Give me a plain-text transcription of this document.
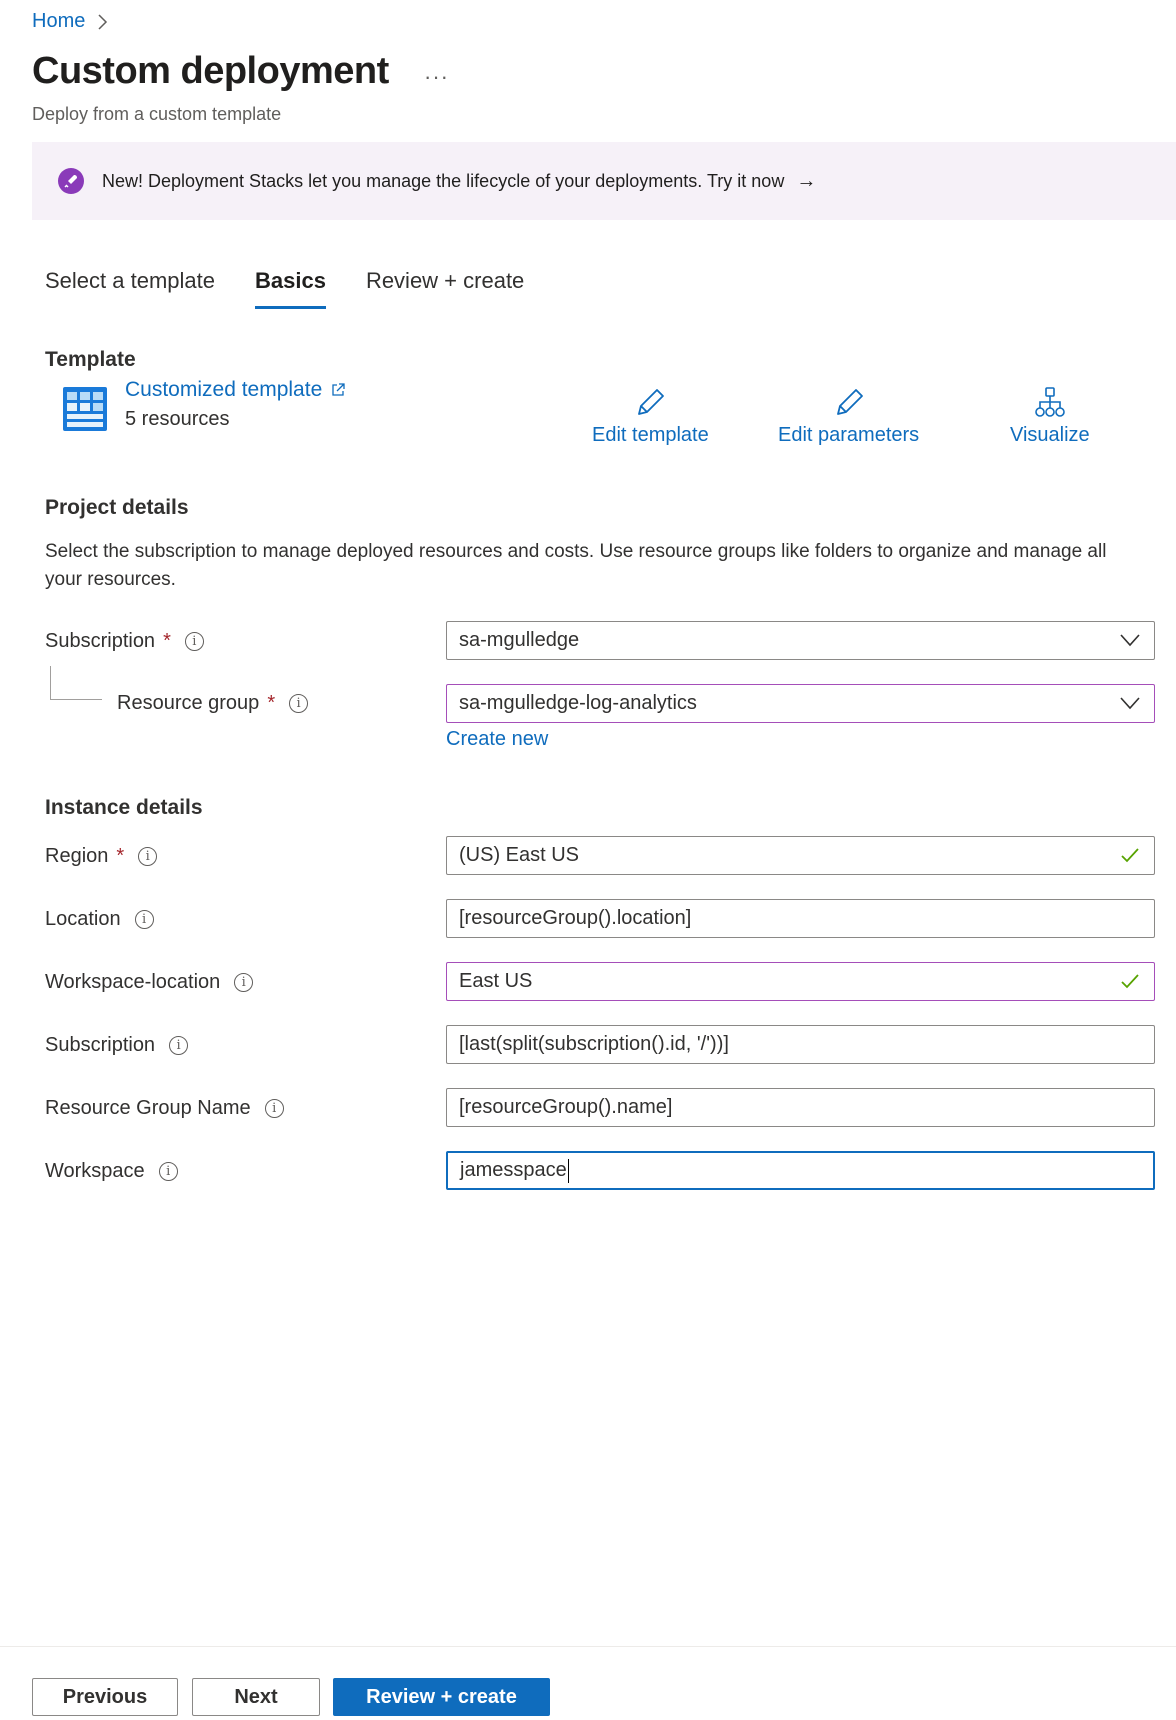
Home
Custom deployment ···
Deploy from a custom template
New! Deployment Stacks let you manage the lifecycle of your deployments. Try it now →
Select a template Basics Review + create
Template
Customized template
5 resources
Edit template	Edit parameters	Visualize
Project details
Select the subscription to manage deployed resources and costs. Use resource groups like folders to organize and manage all your resources.
Subscription *	i	sa-mgulledge
Resource group *	i	sa-mgulledge-log-analytics
Create new
Instance details
Region *	i	(US) East US
Location	i	[resourceGroup().location]
Workspace-location	i	East US
Subscription	i	[last(split(subscription().id, '/'))]
Resource Group Name	i	[resourceGroup().name]
Workspace	i	jamesspace
Previous	Next	Review + create
